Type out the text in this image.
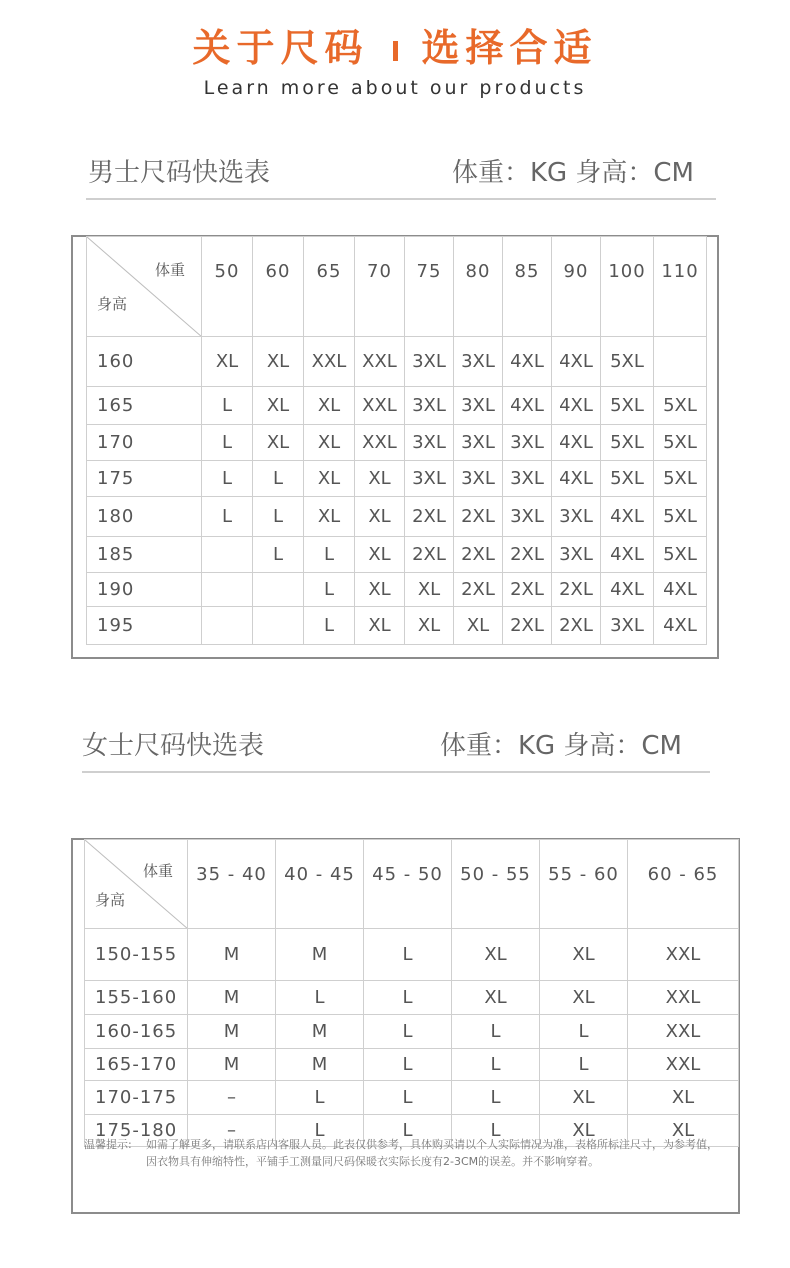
关于尺码 选择合适
Learn more about our products
男士尺码快选表	体重：KG 身高：CM
体重
身高	50	60	65	70	75	80	85	90	100	110
160	XL	XL	XXL	XXL	3XL	3XL	4XL	4XL	5XL	
165	L	XL	XL	XXL	3XL	3XL	4XL	4XL	5XL	5XL
170	L	XL	XL	XXL	3XL	3XL	3XL	4XL	5XL	5XL
175	L	L	XL	XL	3XL	3XL	3XL	4XL	5XL	5XL
180	L	L	XL	XL	2XL	2XL	3XL	3XL	4XL	5XL
185		L	L	XL	2XL	2XL	2XL	3XL	4XL	5XL
190			L	XL	XL	2XL	2XL	2XL	4XL	4XL
195			L	XL	XL	XL	2XL	2XL	3XL	4XL
女士尺码快选表	体重：KG 身高：CM
体重
身高	35 - 40	40 - 45	45 - 50	50 - 55	55 - 60	60 - 65
150-155	M	M	L	XL	XL	XXL
155-160	M	L	L	XL	XL	XXL
160-165	M	M	L	L	L	XXL
165-170	M	M	L	L	L	XXL
170-175	–	L	L	L	XL	XL
175-180	–	L	L	L	XL	XL
温馨提示: 如需了解更多，请联系店内客服人员。此表仅供参考，具体购买请以个人实际情况为准，表格所标注尺寸，为参考值，因衣物具有伸缩特性，平铺手工测量同尺码保暖衣实际长度有2-3CM的误差。并不影响穿着。
